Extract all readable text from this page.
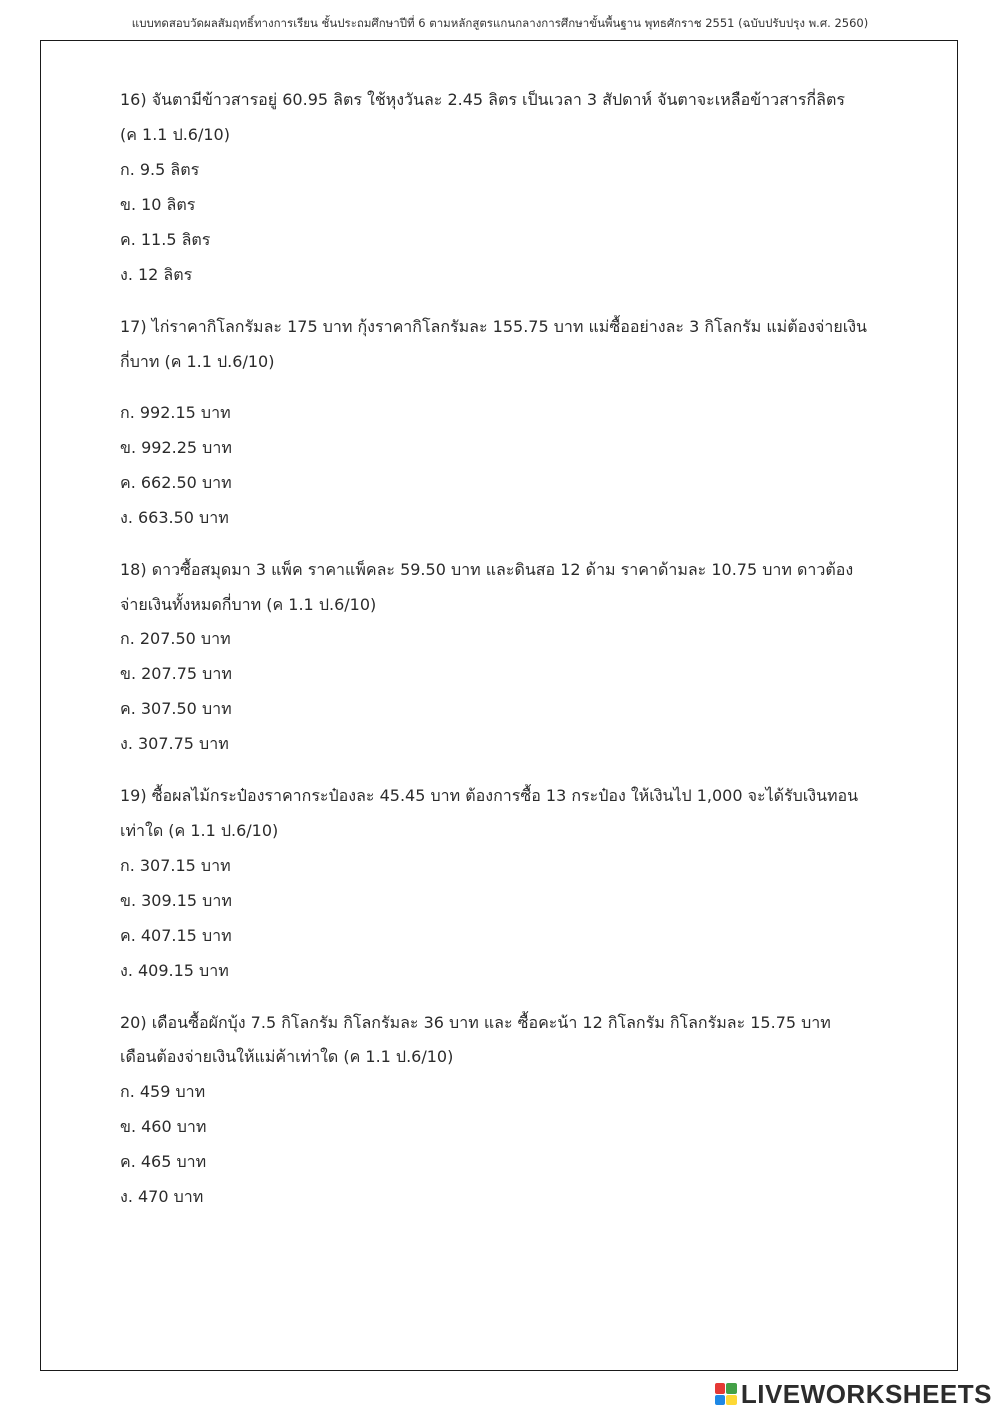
แบบทดสอบวัดผลสัมฤทธิ์ทางการเรียน ชั้นประถมศึกษาปีที่ 6 ตามหลักสูตรแกนกลางการศึกษาขั้นพื้นฐาน พุทธศักราช 2551 (ฉบับปรับปรุง พ.ศ. 2560)
16) จันตามีข้าวสารอยู่ 60.95 ลิตร ใช้หุงวันละ 2.45 ลิตร เป็นเวลา 3 สัปดาห์ จันตาจะเหลือข้าวสารกี่ลิตร
(ค 1.1 ป.6/10)
ก. 9.5 ลิตร
ข. 10 ลิตร
ค. 11.5 ลิตร
ง. 12 ลิตร
17) ไก่ราคากิโลกรัมละ 175 บาท กุ้งราคากิโลกรัมละ 155.75 บาท แม่ซื้ออย่างละ 3 กิโลกรัม แม่ต้องจ่ายเงิน
กี่บาท (ค 1.1 ป.6/10)
ก. 992.15 บาท
ข. 992.25 บาท
ค. 662.50 บาท
ง. 663.50 บาท
18) ดาวซื้อสมุดมา 3 แพ็ค ราคาแพ็คละ 59.50 บาท และดินสอ 12 ด้าม ราคาด้ามละ 10.75 บาท ดาวต้อง
จ่ายเงินทั้งหมดกี่บาท (ค 1.1 ป.6/10)
ก. 207.50 บาท
ข. 207.75 บาท
ค. 307.50 บาท
ง. 307.75 บาท
19) ซื้อผลไม้กระป๋องราคากระป๋องละ 45.45 บาท ต้องการซื้อ 13 กระป๋อง ให้เงินไป 1,000 จะได้รับเงินทอน
เท่าใด (ค 1.1 ป.6/10)
ก. 307.15 บาท
ข. 309.15 บาท
ค. 407.15 บาท
ง. 409.15 บาท
20) เดือนซื้อผักบุ้ง 7.5 กิโลกรัม กิโลกรัมละ 36 บาท และ ซื้อคะน้า 12 กิโลกรัม กิโลกรัมละ 15.75 บาท
เดือนต้องจ่ายเงินให้แม่ค้าเท่าใด (ค 1.1 ป.6/10)
ก. 459 บาท
ข. 460 บาท
ค. 465 บาท
ง. 470 บาท
LIVEWORKSHEETS
